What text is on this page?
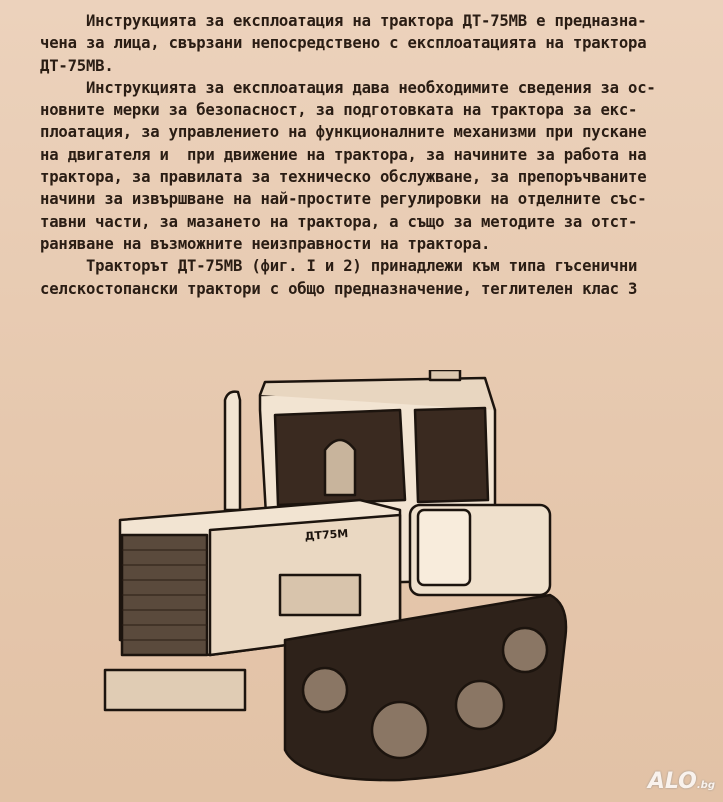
Инструкцията за експлоатация на трактора ДТ-75МВ е предназна-
чена за лица, свързани непосредствено с експлоатацията на трактора
ДТ-75МВ.
Инструкцията за експлоатация дава необходимите сведения за ос-
новните мерки за безопасност, за подготовката на трактора за екс-
плоатация, за управлението на функционалните механизми при пускане
на двигателя и  при движение на трактора, за начините за работа на
трактора, за правилата за техническо обслужване, за препоръчваните
начини за извършване на най-простите регулировки на отделните със-
тавни части, за мазането на трактора, а също за методите за отст-
раняване на възможните неизправности на трактора.
Тракторът ДТ-75МВ (фиг. I и 2) принадлежи към типа гъсенични
селскостопански трактори с общо предназначение, теглителен клас 3
ДТ75М
ALO.bg
